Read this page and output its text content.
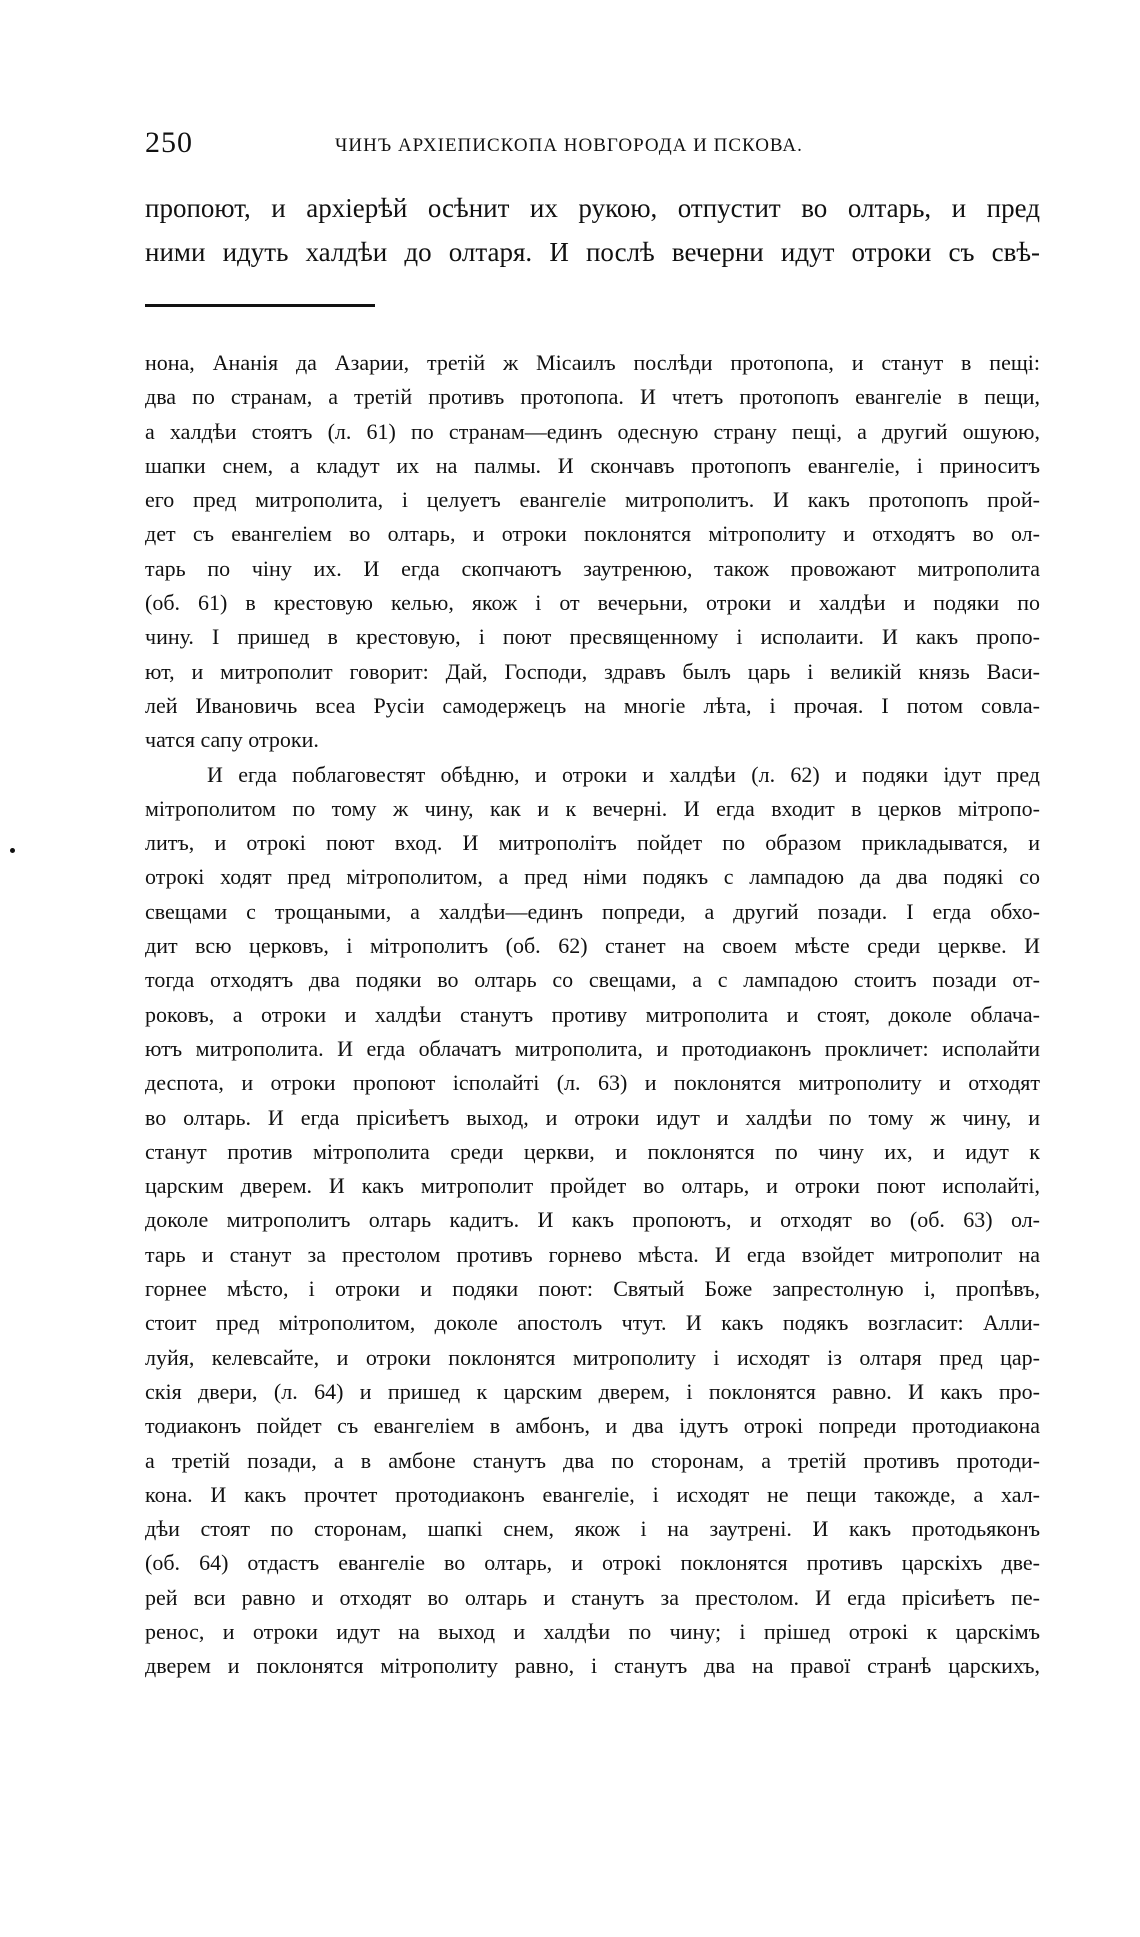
250	ЧИНЪ АРХІЕПИСКОПА НОВГОРОДА И ПСКОВА.
пропоют, и архіерѣй осѣнит их рукою, отпустит во олтарь, и пред
ними идуть халдѣи до олтаря. И послѣ вечерни идут отроки съ свѣ-
нона, Ананія да Азарии, третій ж Місаилъ послѣди протопопа, и станут в пещі:
два по странам, а третій противъ протопопа. И чтетъ протопопъ евангеліе в пещи,
а халдѣи стоятъ (л. 61) по странам—единъ одесную страну пещі, а другий ошуюю,
шапки снем, а кладут их на палмы. И скончавъ протопопъ евангеліе, і приноситъ
его пред митрополита, і целуетъ евангеліе митрополитъ. И какъ протопопъ прой-
дет съ евангеліем во олтарь, и отроки поклонятся мітрополиту и отходятъ во ол-
тарь по чіну их. И егда скопчаютъ заутренюю, також провожают митрополита
(об. 61) в крестовую келью, якож і от вечерьни, отроки и халдѣи и подяки по
чину. І пришед в крестовую, і поют пресвященному і исполаити. И какъ пропо-
ют, и митрополит говорит: Дай, Господи, здравъ былъ царь і великій князь Васи-
лей Ивановичь всеа Русіи самодержецъ на многіе лѣта, і прочая. І потом совла-
чатся сапу отроки.
И егда поблаговестят обѣдню, и отроки и халдѣи (л. 62) и подяки ідут пред
мітрополитом по тому ж чину, как и к вечерні. И егда входит в церков мітропо-
литъ, и отрокі поют вход. И митрополітъ пойдет по образом прикладыватся, и
отрокі ходят пред мітрополитом, а пред німи подякъ с лампадою да два подякі со
свещами с трощаными, а халдѣи—единъ попреди, а другий позади. І егда обхо-
дит всю церковъ, і мітрополитъ (об. 62) станет на своем мѣсте среди церкве. И
тогда отходятъ два подяки во олтарь со свещами, а с лампадою стоитъ позади от-
роковъ, а отроки и халдѣи станутъ противу митрополита и стоят, доколе облача-
ютъ митрополита. И егда облачатъ митрополита, и протодиаконъ прокличет: исполайти
деспота, и отроки пропоют ісполайті (л. 63) и поклонятся митрополиту и отходят
во олтарь. И егда прісиѣетъ выход, и отроки идут и халдѣи по тому ж чину, и
станут против мітрополита среди церкви, и поклонятся по чину их, и идут к
царским дверем. И какъ митрополит пройдет во олтарь, и отроки поют исполайті,
доколе митрополитъ олтарь кадитъ. И какъ пропоютъ, и отходят во (об. 63) ол-
тарь и станут за престолом противъ горнево мѣста. И егда взойдет митрополит на
горнее мѣсто, і отроки и подяки поют: Святый Боже запрестолную і, пропѣвъ,
стоит пред мітрополитом, доколе апостолъ чтут. И какъ подякъ возгласит: Алли-
луйя, келевсайте, и отроки поклонятся митрополиту і исходят із олтаря пред цар-
скія двери, (л. 64) и пришед к царским дверем, і поклонятся равно. И какъ про-
тодиаконъ пойдет съ евангеліем в амбонъ, и два ідутъ отрокі попреди протодиакона
а третій позади, а в амбоне станутъ два по сторонам, а третій противъ протоди-
кона. И какъ прочтет протодиаконъ евангеліе, і исходят не пещи такожде, а хал-
дѣи стоят по сторонам, шапкі снем, якож і на заутрені. И какъ протодьяконъ
(об. 64) отдастъ евангеліе во олтарь, и отрокі поклонятся противъ царскіхъ две-
рей вси равно и отходят во олтарь и станутъ за престолом. И егда прісиѣетъ пе-
ренос, и отроки идут на выход и халдѣи по чину; і прішед отрокі к царскімъ
дверем и поклонятся мітрополиту равно, і станутъ два на правої странѣ царскихъ,
